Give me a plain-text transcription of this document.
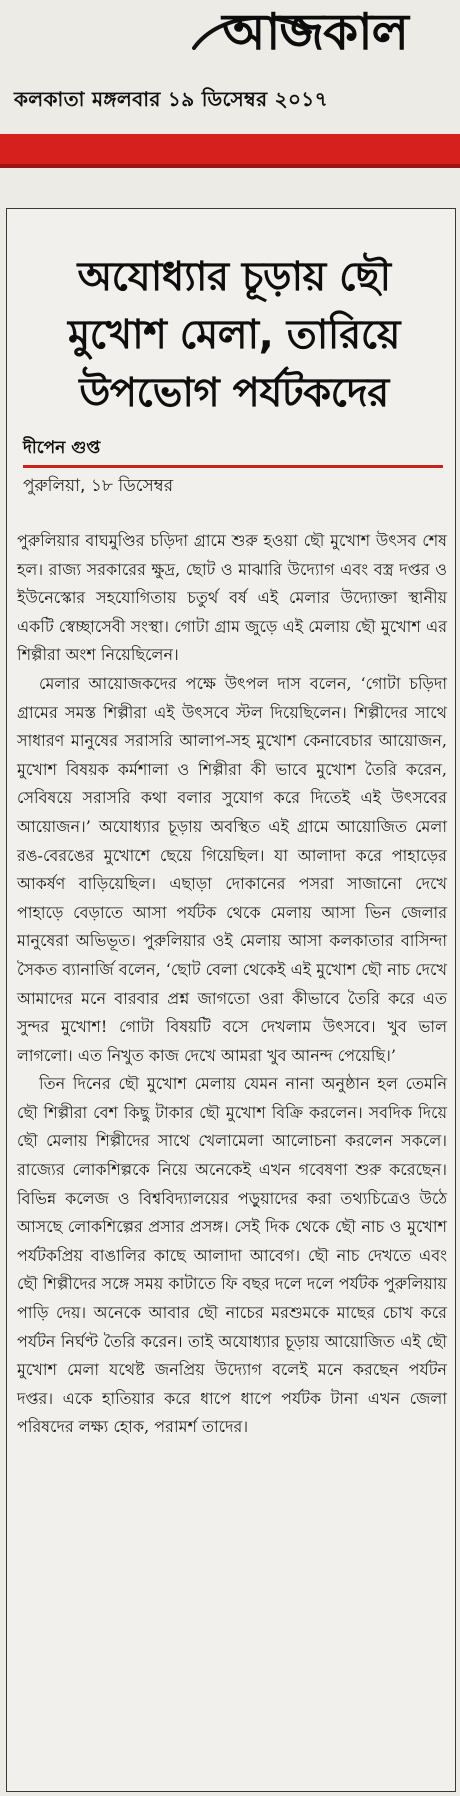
আজকাল
কলকাতা মঙ্গলবার ১৯ ডিসেম্বর ২০১৭
অযোধ্যার চূড়ায় ছৌ
মুখোশ মেলা, তারিয়ে
উপভোগ পর্যটকদের
দীপেন গুপ্ত
পুরুলিয়া, ১৮ ডিসেম্বর

পুরুলিয়ার বাঘমুণ্ডির চড়িদা গ্রামে শুরু হওয়া ছৌ মুখোশ উৎসব শেষ হল। রাজ্য সরকারের ক্ষুদ্র, ছোট ও মাঝারি উদ্যোগ এবং বস্ত্র দপ্তর ও ইউনেস্কোর সহযোগিতায় চতুর্থ বর্ষ এই মেলার উদ্যোক্তা স্থানীয় একটি স্বেচ্ছাসেবী সংস্থা। গোটা গ্রাম জুড়ে এই মেলায় ছৌ মুখোশ এর শিল্পীরা অংশ নিয়েছিলেন।

মেলার আয়োজকদের পক্ষে উৎপল দাস বলেন, ‘গোটা চড়িদা গ্রামের সমস্ত শিল্পীরা এই উৎসবে স্টল দিয়েছিলেন। শিল্পীদের সাথে সাধারণ মানুষের সরাসরি আলাপ-সহ মুখোশ কেনাবেচার আয়োজন, মুখোশ বিষয়ক কর্মশালা ও শিল্পীরা কী ভাবে মুখোশ তৈরি করেন, সেবিষয়ে সরাসরি কথা বলার সুযোগ করে দিতেই এই উৎসবের আয়োজন।’ অযোধ্যার চূড়ায় অবস্থিত এই গ্রামে আয়োজিত মেলা রঙ-বেরঙের মুখোশে ছেয়ে গিয়েছিল। যা আলাদা করে পাহাড়ের আকর্ষণ বাড়িয়েছিল। এছাড়া দোকানের পসরা সাজানো দেখে পাহাড়ে বেড়াতে আসা পর্যটক থেকে মেলায় আসা ভিন জেলার মানুষেরা অভিভূত। পুরুলিয়ার ওই মেলায় আসা কলকাতার বাসিন্দা সৈকত ব্যানার্জি বলেন, ‘ছোট বেলা থেকেই এই মুখোশ ছৌ নাচ দেখে আমাদের মনে বারবার প্রশ্ন জাগতো ওরা কীভাবে তৈরি করে এত সুন্দর মুখোশ! গোটা বিষয়টি বসে দেখলাম উৎসবে। খুব ভাল লাগলো। এত নিখুত কাজ দেখে আমরা খুব আনন্দ পেয়েছি।’

তিন দিনের ছৌ মুখোশ মেলায় যেমন নানা অনুষ্ঠান হল তেমনি ছৌ শিল্পীরা বেশ কিছু টাকার ছৌ মুখোশ বিক্রি করলেন। সবদিক দিয়ে ছৌ মেলায় শিল্পীদের সাথে খেলামেলা আলোচনা করলেন সকলে। রাজ্যের লোকশিল্পকে নিয়ে অনেকেই এখন গবেষণা শুরু করেছেন। বিভিন্ন কলেজ ও বিশ্ববিদ্যালয়ের পড়ুয়াদের করা তথ্যচিত্রেও উঠে আসছে লোকশিল্পের প্রসার প্রসঙ্গ। সেই দিক থেকে ছৌ নাচ ও মুখোশ পর্যটকপ্রিয় বাঙালির কাছে আলাদা আবেগ। ছৌ নাচ দেখতে এবং ছৌ শিল্পীদের সঙ্গে সময় কাটাতে ফি বছর দলে দলে পর্যটক পুরুলিয়ায় পাড়ি দেয়। অনেকে আবার ছৌ নাচের মরশুমকে মাছের চোখ করে পর্যটন নির্ঘণ্ট তৈরি করেন। তাই অযোধ্যার চূড়ায় আয়োজিত এই ছৌ মুখোশ মেলা যথেষ্ট জনপ্রিয় উদ্যোগ বলেই মনে করছেন পর্যটন দপ্তর। একে হাতিয়ার করে ধাপে ধাপে পর্যটক টানা এখন জেলা পরিষদের লক্ষ্য হোক, পরামর্শ তাদের।
